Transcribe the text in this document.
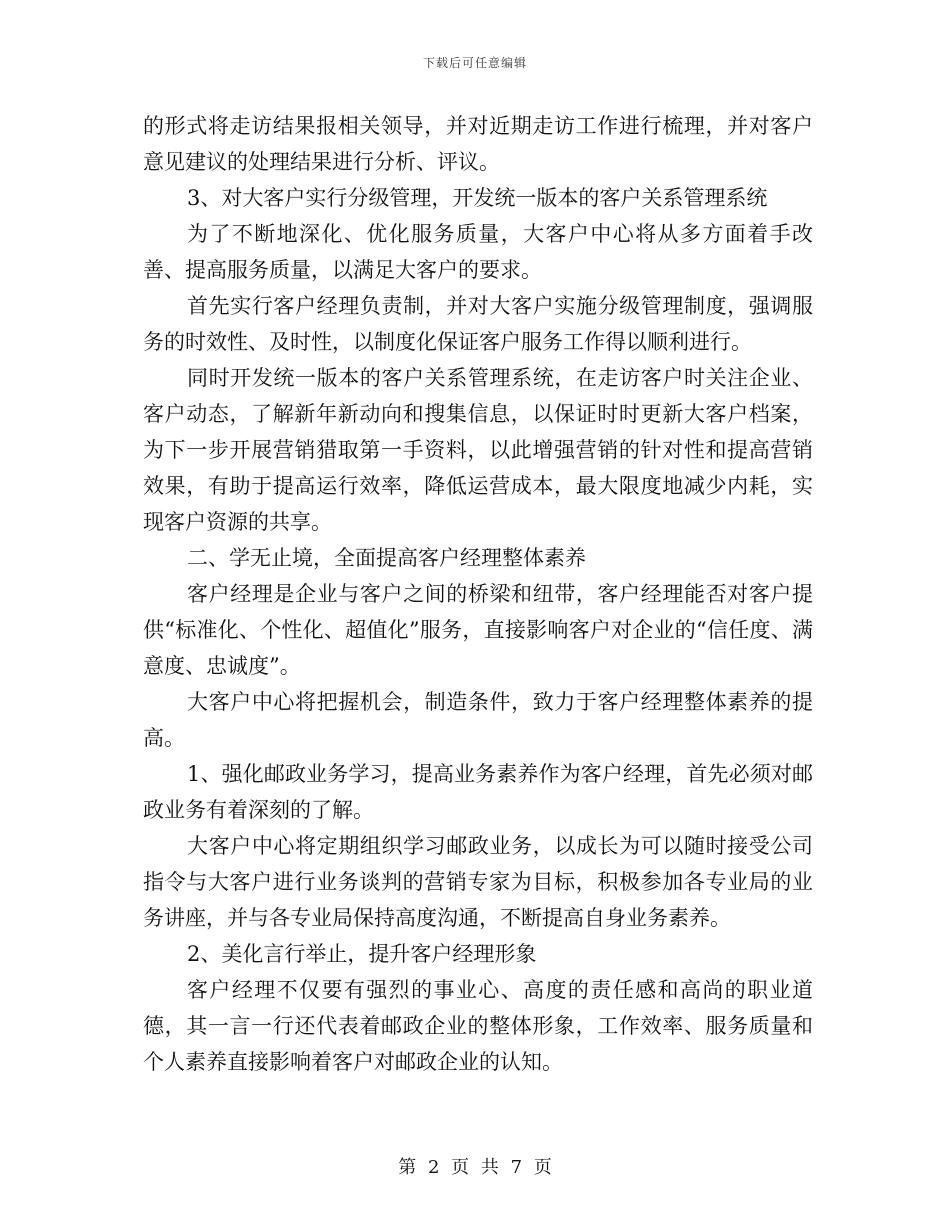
下载后可任意编辑

的形式将走访结果报相关领导，并对近期走访工作进行梳理，并对客户意见建议的处理结果进行分析、评议。

3、对大客户实行分级管理，开发统一版本的客户关系管理系统

为了不断地深化、优化服务质量，大客户中心将从多方面着手改善、提高服务质量，以满足大客户的要求。

首先实行客户经理负责制，并对大客户实施分级管理制度，强调服务的时效性、及时性，以制度化保证客户服务工作得以顺利进行。

同时开发统一版本的客户关系管理系统，在走访客户时关注企业、客户动态，了解新年新动向和搜集信息，以保证时时更新大客户档案，为下一步开展营销猎取第一手资料，以此增强营销的针对性和提高营销效果，有助于提高运行效率，降低运营成本，最大限度地减少内耗，实现客户资源的共享。

二、学无止境，全面提高客户经理整体素养

客户经理是企业与客户之间的桥梁和纽带，客户经理能否对客户提供“标准化、个性化、超值化”服务，直接影响客户对企业的“信任度、满意度、忠诚度”。

大客户中心将把握机会，制造条件，致力于客户经理整体素养的提高。

1、强化邮政业务学习，提高业务素养作为客户经理，首先必须对邮政业务有着深刻的了解。

大客户中心将定期组织学习邮政业务，以成长为可以随时接受公司指令与大客户进行业务谈判的营销专家为目标，积极参加各专业局的业务讲座，并与各专业局保持高度沟通，不断提高自身业务素养。

2、美化言行举止，提升客户经理形象

客户经理不仅要有强烈的事业心、高度的责任感和高尚的职业道德，其一言一行还代表着邮政企业的整体形象，工作效率、服务质量和个人素养直接影响着客户对邮政企业的认知。

第 2 页 共 7 页
